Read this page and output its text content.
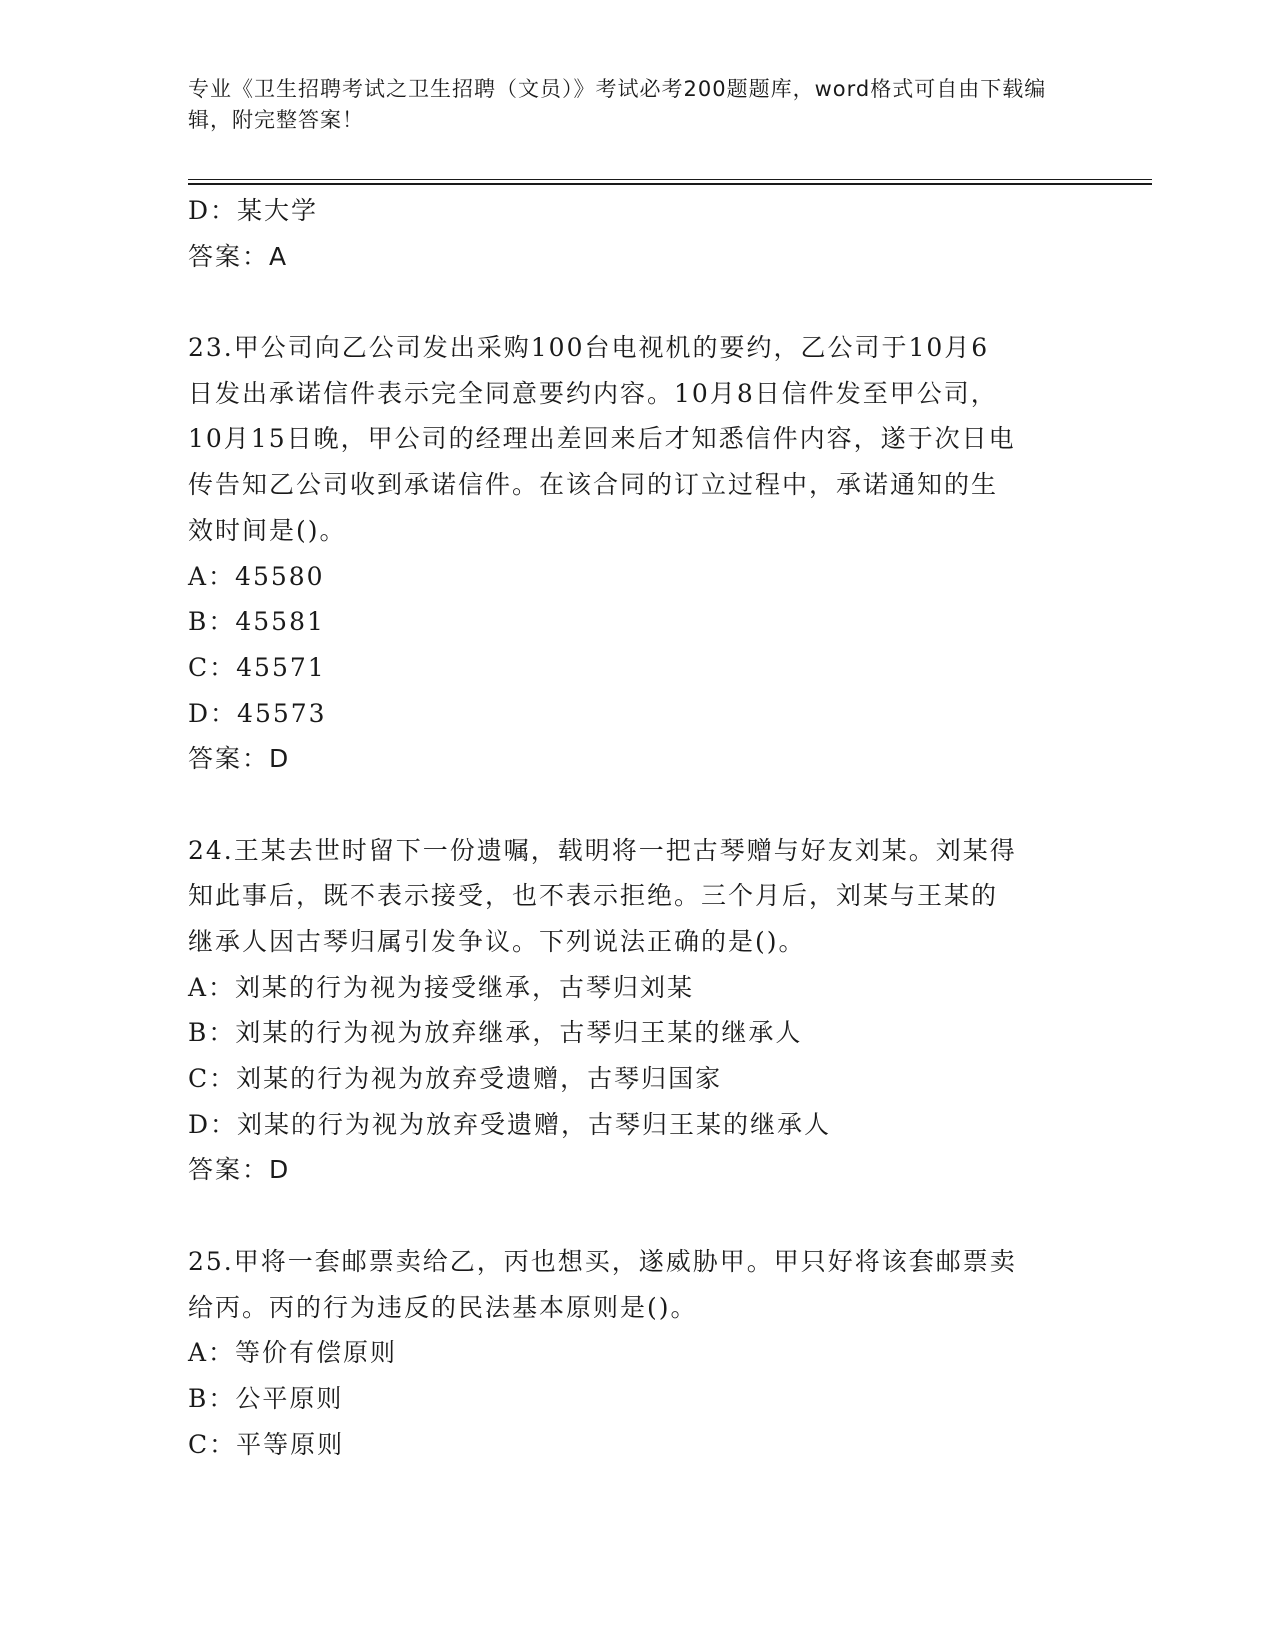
专业《卫生招聘考试之卫生招聘（文员）》考试必考200题题库，word格式可自由下载编辑，附完整答案！
D：某大学
答案：A
23.甲公司向乙公司发出采购100台电视机的要约，乙公司于10月6
日发出承诺信件表示完全同意要约内容。10月8日信件发至甲公司，
10月15日晚，甲公司的经理出差回来后才知悉信件内容，遂于次日电
传告知乙公司收到承诺信件。在该合同的订立过程中，承诺通知的生
效时间是()。
A：45580
B：45581
C：45571
D：45573
答案：D
24.王某去世时留下一份遗嘱，载明将一把古琴赠与好友刘某。刘某得
知此事后，既不表示接受，也不表示拒绝。三个月后，刘某与王某的
继承人因古琴归属引发争议。下列说法正确的是()。
A：刘某的行为视为接受继承，古琴归刘某
B：刘某的行为视为放弃继承，古琴归王某的继承人
C：刘某的行为视为放弃受遗赠，古琴归国家
D：刘某的行为视为放弃受遗赠，古琴归王某的继承人
答案：D
25.甲将一套邮票卖给乙，丙也想买，遂威胁甲。甲只好将该套邮票卖
给丙。丙的行为违反的民法基本原则是()。
A：等价有偿原则
B：公平原则
C：平等原则
